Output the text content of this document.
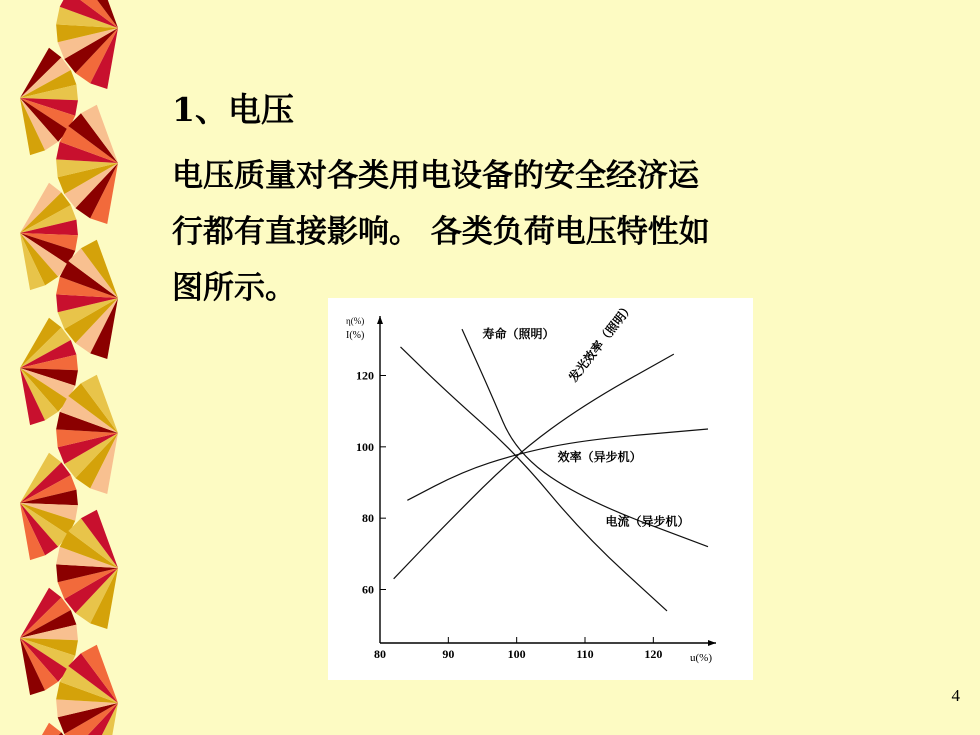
1、电压
电压质量对各类用电设备的安全经济运
行都有直接影响。 各类负荷电压特性如
图所示。
η(%)
I(%)
u(%)
80	90	100	110	120
60
80
100
120
寿命（照明） 发光效率（照明）
效率（异步机）
电流（异步机）
4
